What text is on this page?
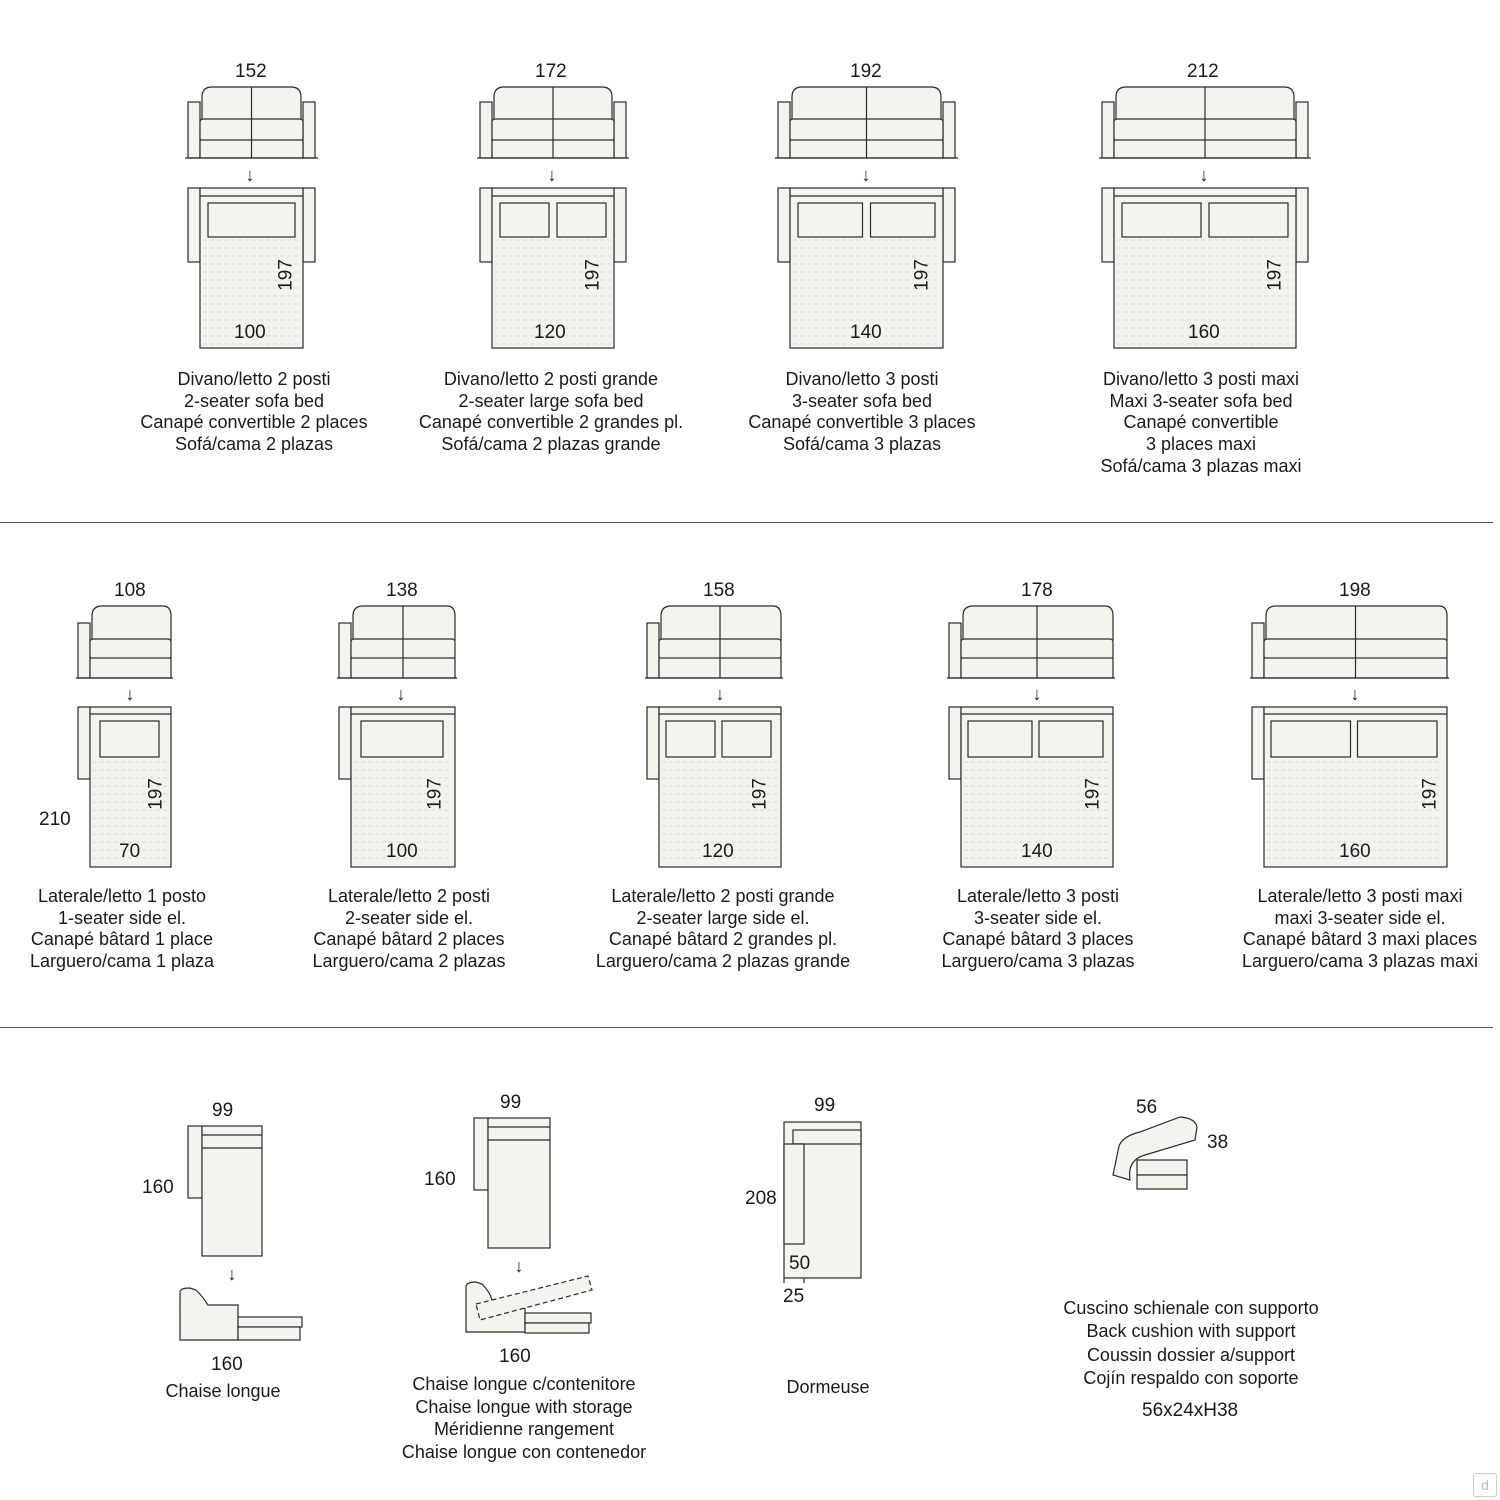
152
↓
197
100
Divano/letto 2 posti
2-seater sofa bed
Canapé convertible 2 places
Sofá/cama 2 plazas
172
↓
197
120
Divano/letto 2 posti grande
2-seater large sofa bed
Canapé convertible 2 grandes pl.
Sofá/cama 2 plazas grande
192
↓
197
140
Divano/letto 3 posti
3-seater sofa bed
Canapé convertible 3 places
Sofá/cama 3 plazas
212
↓
197
160
Divano/letto 3 posti maxi
Maxi 3-seater sofa bed
Canapé convertible
3 places maxi
Sofá/cama 3 plazas maxi
108
↓
197
210
70
Laterale/letto 1 posto
1-seater side el.
Canapé bâtard 1 place
Larguero/cama 1 plaza
138
↓
197
100
Laterale/letto 2 posti
2-seater side el.
Canapé bâtard 2 places
Larguero/cama 2 plazas
158
↓
197
120
Laterale/letto 2 posti grande
2-seater large side el.
Canapé bâtard 2 grandes pl.
Larguero/cama 2 plazas grande
178
↓
197
140
Laterale/letto 3 posti
3-seater side el.
Canapé bâtard 3 places
Larguero/cama 3 plazas
198
↓
197
160
Laterale/letto 3 posti maxi
maxi 3-seater side el.
Canapé bâtard 3 maxi places
Larguero/cama 3 plazas maxi
99
160
↓
160
Chaise longue
99
160
↓
160
Chaise longue c/contenitore
Chaise longue with storage
Méridienne rangement
Chaise longue con contenedor
99
208
50
25
Dormeuse
56
38
Cuscino schienale con supporto
Back cushion with support
Coussin dossier a/support
Cojín respaldo con soporte
56x24xH38
d
